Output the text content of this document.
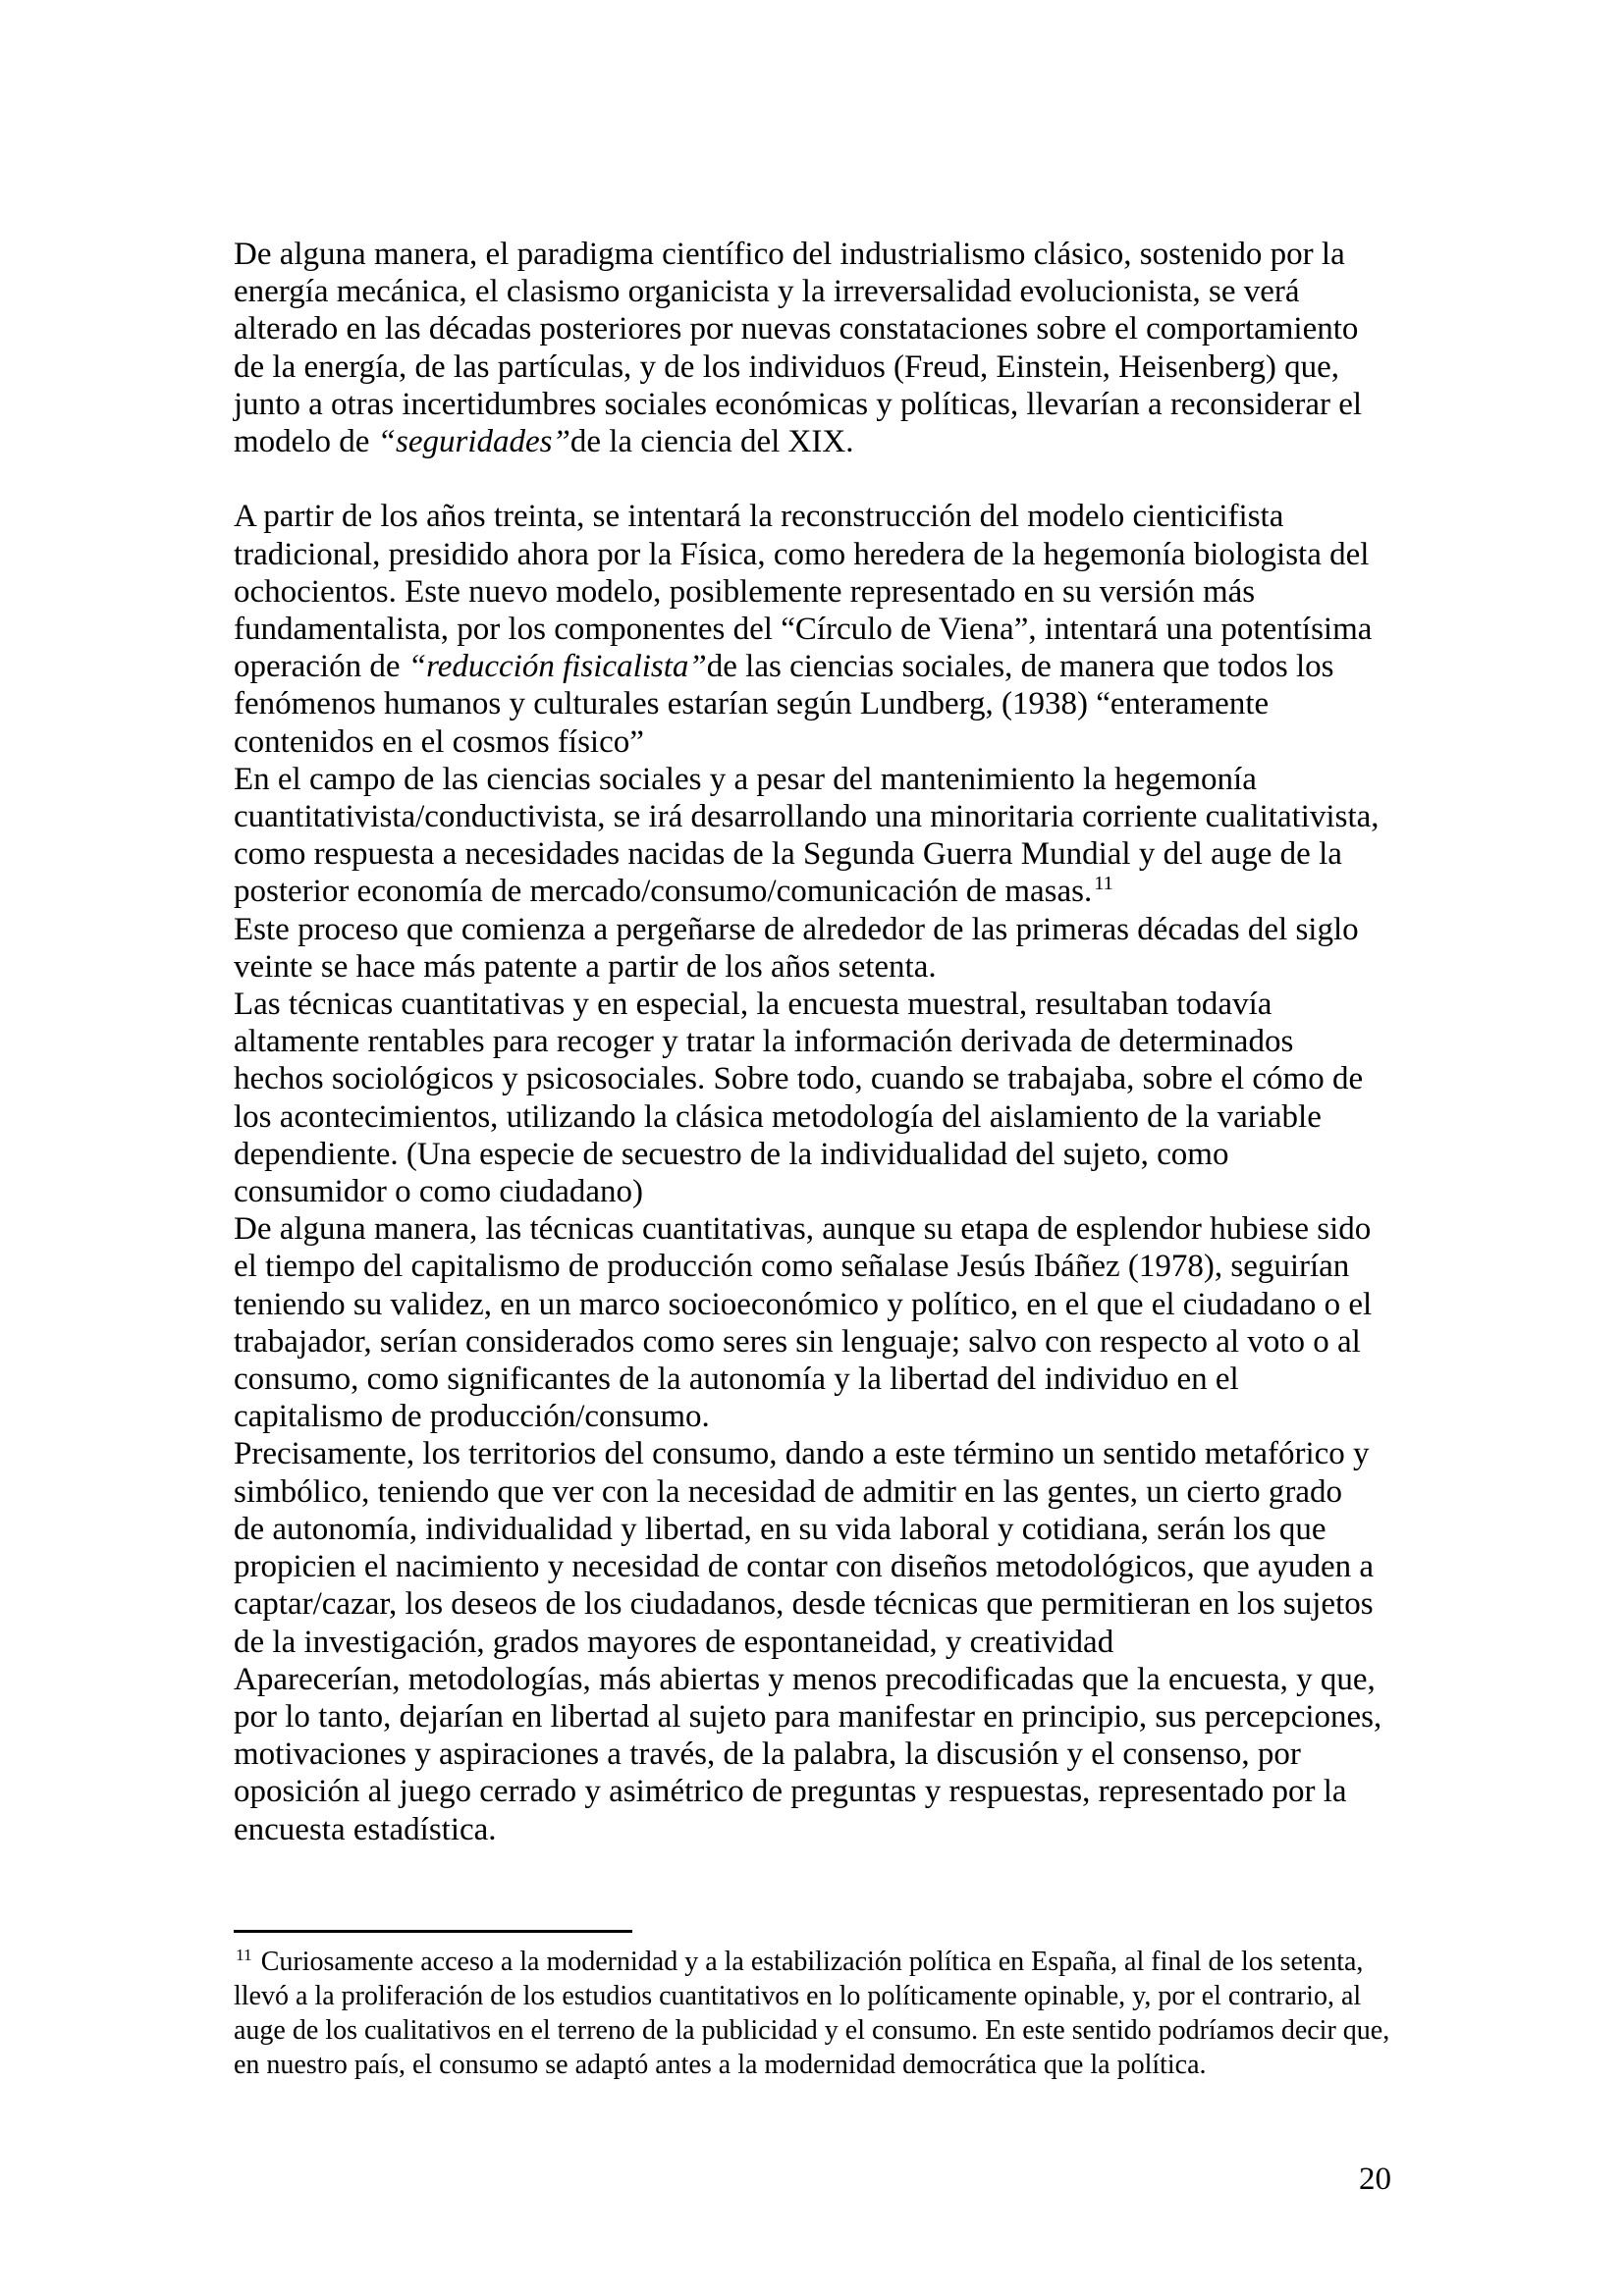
De alguna manera, el paradigma científico del industrialismo clásico, sostenido por la
energía mecánica, el clasismo organicista y la irreversalidad evolucionista, se verá
alterado en las décadas posteriores por nuevas constataciones sobre el comportamiento
de la energía, de las partículas, y de los individuos (Freud, Einstein, Heisenberg) que,
junto a otras incertidumbres sociales económicas y políticas, llevarían a reconsiderar el
modelo de “seguridades”de la ciencia del XIX.
A partir de los años treinta, se intentará la reconstrucción del modelo cienticifista
tradicional, presidido ahora por la Física, como heredera de la hegemonía biologista del
ochocientos. Este nuevo modelo, posiblemente representado en su versión más
fundamentalista, por los componentes del “Círculo de Viena”, intentará una potentísima
operación de “reducción fisicalista”de las ciencias sociales, de manera que todos los
fenómenos humanos y culturales estarían según Lundberg, (1938) “enteramente
contenidos en el cosmos físico”
En el campo de las ciencias sociales y a pesar del mantenimiento la hegemonía
cuantitativista/conductivista, se irá desarrollando una minoritaria corriente cualitativista,
como respuesta a necesidades nacidas de la Segunda Guerra Mundial y del auge de la
posterior economía de mercado/consumo/comunicación de masas.$^{11}$
Este proceso que comienza a pergeñarse de alrededor de las primeras décadas del siglo
veinte se hace más patente a partir de los años setenta.
Las técnicas cuantitativas y en especial, la encuesta muestral, resultaban todavía
altamente rentables para recoger y tratar la información derivada de determinados
hechos sociológicos y psicosociales. Sobre todo, cuando se trabajaba, sobre el cómo de
los acontecimientos, utilizando la clásica metodología del aislamiento de la variable
dependiente. (Una especie de secuestro de la individualidad del sujeto, como
consumidor o como ciudadano)
De alguna manera, las técnicas cuantitativas, aunque su etapa de esplendor hubiese sido
el tiempo del capitalismo de producción como señalase Jesús Ibáñez (1978), seguirían
teniendo su validez, en un marco socioeconómico y político, en el que el ciudadano o el
trabajador, serían considerados como seres sin lenguaje; salvo con respecto al voto o al
consumo, como significantes de la autonomía y la libertad del individuo en el
capitalismo de producción/consumo.
Precisamente, los territorios del consumo, dando a este término un sentido metafórico y
simbólico, teniendo que ver con la necesidad de admitir en las gentes, un cierto grado
de autonomía, individualidad y libertad, en su vida laboral y cotidiana, serán los que
propicien el nacimiento y necesidad de contar con diseños metodológicos, que ayuden a
captar/cazar, los deseos de los ciudadanos, desde técnicas que permitieran en los sujetos
de la investigación, grados mayores de espontaneidad, y creatividad
Aparecerían, metodologías, más abiertas y menos precodificadas que la encuesta, y que,
por lo tanto, dejarían en libertad al sujeto para manifestar en principio, sus percepciones,
motivaciones y aspiraciones a través, de la palabra, la discusión y el consenso, por
oposición al juego cerrado y asimétrico de preguntas y respuestas, representado por la
encuesta estadística.
$^{11}$ Curiosamente acceso a la modernidad y a la estabilización política en España, al final de los setenta,
llevó a la proliferación de los estudios cuantitativos en lo políticamente opinable, y, por el contrario, al
auge de los cualitativos en el terreno de la publicidad y el consumo. En este sentido podríamos decir que,
en nuestro país, el consumo se adaptó antes a la modernidad democrática que la política.
20
